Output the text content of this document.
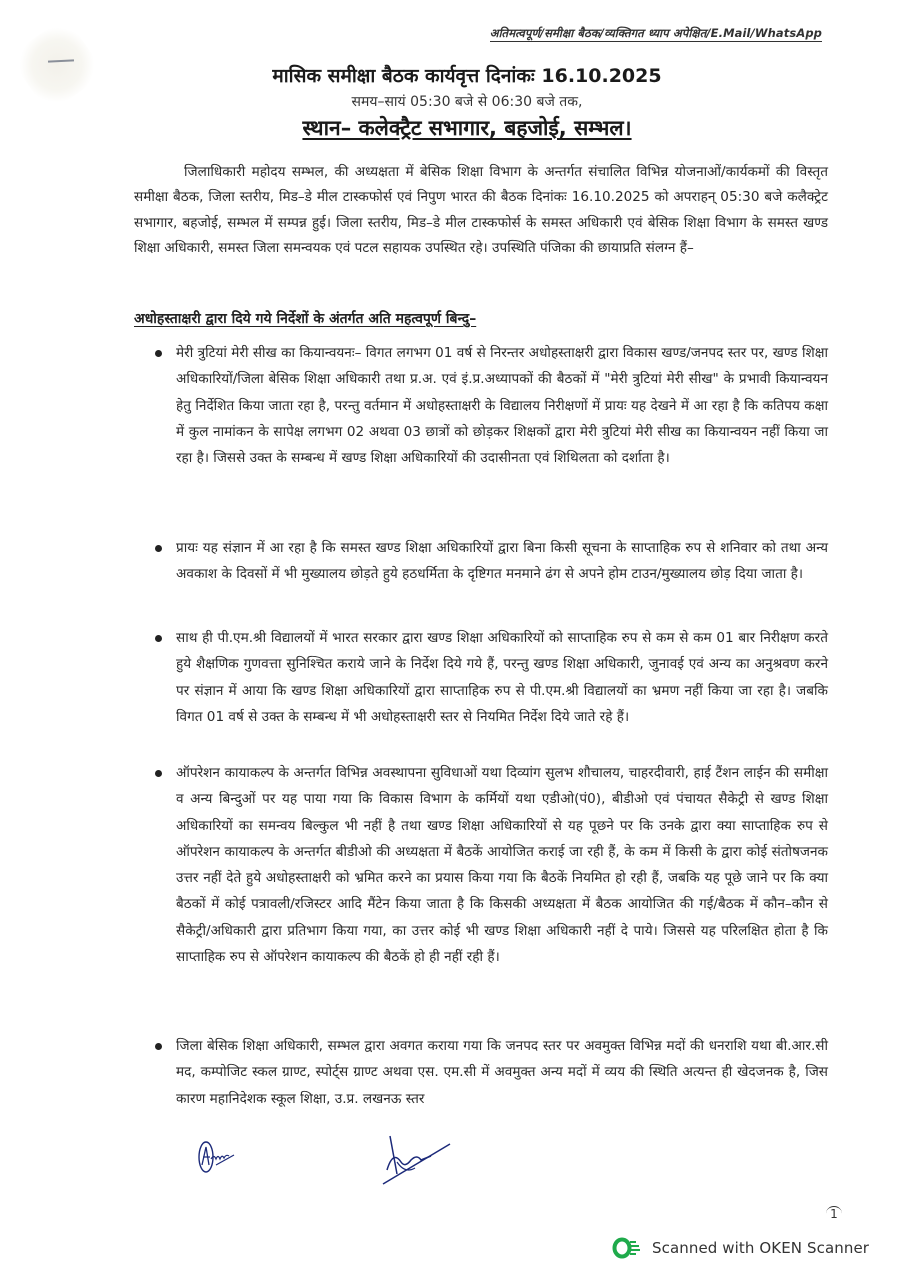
अतिमत्वपूर्ण/समीक्षा बैठक/व्यक्तिगत ध्याप अपेक्षित/E.Mail/WhatsApp
मासिक समीक्षा बैठक कार्यवृत्त दिनांकः 16.10.2025
समय–सायं 05:30 बजे से 06:30 बजे तक,
स्थान– कलेक्ट्रैट सभागार, बहजोई, सम्भल।
जिलाधिकारी महोदय सम्भल, की अध्यक्षता में बेसिक शिक्षा विभाग के अन्तर्गत संचालित विभिन्न योजनाओं/कार्यकमों की विस्तृत समीक्षा बैठक, जिला स्तरीय, मिड–डे मील टास्कफोर्स एवं निपुण भारत की बैठक दिनांकः 16.10.2025 को अपराहन् 05:30 बजे कलैक्ट्रेट सभागार, बहजोई, सम्भल में सम्पन्न हुई। जिला स्तरीय, मिड–डे मील टास्कफोर्स के समस्त अधिकारी एवं बेसिक शिक्षा विभाग के समस्त खण्ड शिक्षा अधिकारी, समस्त जिला समन्वयक एवं पटल सहायक उपस्थित रहे। उपस्थिति पंजिका की छायाप्रति संलग्न हैं–
अधोहस्ताक्षरी द्वारा दिये गये निर्देशों के अंतर्गत अति महत्वपूर्ण बिन्दु–
मेरी त्रुटियां मेरी सीख का कियान्वयनः– विगत लगभग 01 वर्ष से निरन्तर अधोहस्ताक्षरी द्वारा विकास खण्ड/जनपद स्तर पर, खण्ड शिक्षा अधिकारियों/जिला बेसिक शिक्षा अधिकारी तथा प्र.अ. एवं इं.प्र.अध्यापकों की बैठकों में "मेरी त्रुटियां मेरी सीख" के प्रभावी कियान्वयन हेतु निर्देशित किया जाता रहा है, परन्तु वर्तमान में अधोहस्ताक्षरी के विद्यालय निरीक्षणों में प्रायः यह देखने में आ रहा है कि कतिपय कक्षा में कुल नामांकन के सापेक्ष लगभग 02 अथवा 03 छात्रों को छोड़कर शिक्षकों द्वारा मेरी त्रुटियां मेरी सीख का कियान्वयन नहीं किया जा रहा है। जिससे उक्त के सम्बन्ध में खण्ड शिक्षा अधिकारियों की उदासीनता एवं शिथिलता को दर्शाता है।
प्रायः यह संज्ञान में आ रहा है कि समस्त खण्ड शिक्षा अधिकारियों द्वारा बिना किसी सूचना के साप्ताहिक रुप से शनिवार को तथा अन्य अवकाश के दिवसों में भी मुख्यालय छोड़ते हुये हठधर्मिता के दृष्टिगत मनमाने ढंग से अपने होम टाउन/मुख्यालय छोड़ दिया जाता है।
साथ ही पी.एम.श्री विद्यालयों में भारत सरकार द्वारा खण्ड शिक्षा अधिकारियों को साप्ताहिक रुप से कम से कम 01 बार निरीक्षण करते हुये शैक्षणिक गुणवत्ता सुनिश्चित कराये जाने के निर्देश दिये गये हैं, परन्तु खण्ड शिक्षा अधिकारी, जुनावई एवं अन्य का अनुश्रवण करने पर संज्ञान में आया कि खण्ड शिक्षा अधिकारियों द्वारा साप्ताहिक रुप से पी.एम.श्री विद्यालयों का भ्रमण नहीं किया जा रहा है। जबकि विगत 01 वर्ष से उक्त के सम्बन्ध में भी अधोहस्ताक्षरी स्तर से नियमित निर्देश दिये जाते रहे हैं।
ऑपरेशन कायाकल्प के अन्तर्गत विभिन्न अवस्थापना सुविधाओं यथा दिव्यांग सुलभ शौचालय, चाहरदीवारी, हाई टैंशन लाईन की समीक्षा व अन्य बिन्दुओं पर यह पाया गया कि विकास विभाग के कर्मियों यथा एडीओ(पं0), बीडीओ एवं पंचायत सैकेट्री से खण्ड शिक्षा अधिकारियों का समन्वय बिल्कुल भी नहीं है तथा खण्ड शिक्षा अधिकारियों से यह पूछने पर कि उनके द्वारा क्या साप्ताहिक रुप से ऑपरेशन कायाकल्प के अन्तर्गत बीडीओ की अध्यक्षता में बैठकें आयोजित कराई जा रही हैं, के कम में किसी के द्वारा कोई संतोषजनक उत्तर नहीं देते हुये अधोहस्ताक्षरी को भ्रमित करने का प्रयास किया गया कि बैठकें नियमित हो रही हैं, जबकि यह पूछे जाने पर कि क्या बैठकों में कोई पत्रावली/रजिस्टर आदि मैंटेन किया जाता है कि किसकी अध्यक्षता में बैठक आयोजित की गई/बैठक में कौन–कौन से सैकेट्री/अधिकारी द्वारा प्रतिभाग किया गया, का उत्तर कोई भी खण्ड शिक्षा अधिकारी नहीं दे पाये। जिससे यह परिलक्षित होता है कि साप्ताहिक रुप से ऑपरेशन कायाकल्प की बैठकें हो ही नहीं रही हैं।
जिला बेसिक शिक्षा अधिकारी, सम्भल द्वारा अवगत कराया गया कि जनपद स्तर पर अवमुक्त विभिन्न मदों की धनराशि यथा बी.आर.सी मद, कम्पोजिट स्कल ग्राण्ट, स्पोर्ट्स ग्राण्ट अथवा एस. एम.सी में अवमुक्त अन्य मदों में व्यय की स्थिति अत्यन्त ही खेदजनक है, जिस कारण महानिदेशक स्कूल शिक्षा, उ.प्र. लखनऊ स्तर
1
Scanned with OKEN Scanner
